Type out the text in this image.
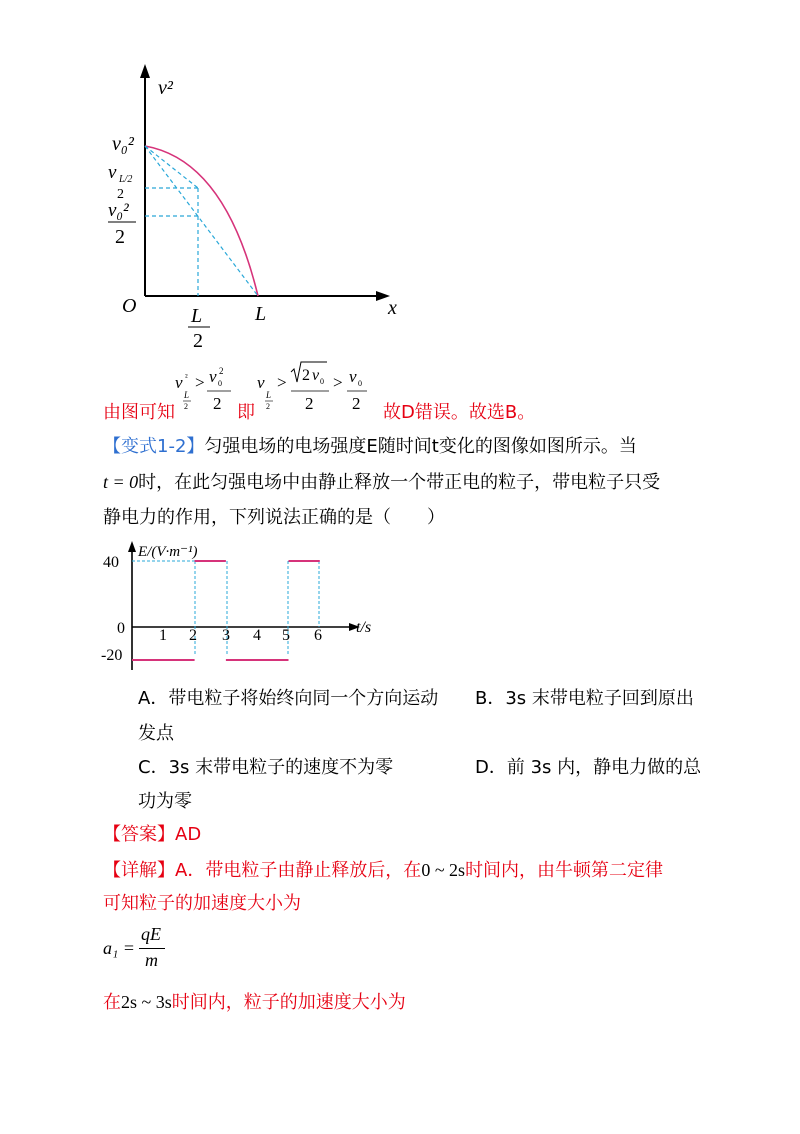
v²
x
O
v₀²
v L/2
2
v₀²
2
L
2
L
由图可知
v ²
L
2
> v 0
2
2 即
v
L
2
> 2 v 0
2
> v 0
2 故D错误。故选B。
【变式1-2】匀强电场的电场强度E随时间t变化的图像如图所示。当
t = 0时，在此匀强电场中由静止释放一个带正电的粒子，带电粒子只受
静电力的作用，下列说法正确的是（　　）
E/(V·m⁻¹)
t/s
40
0
-20
1 2 3 4 5 6
A．带电粒子将始终向同一个方向运动 B．3s 末带电粒子回到原出
发点
C．3s 末带电粒子的速度不为零	D．前 3s 内，静电力做的总
功为零
【答案】AD
【详解】A．带电粒子由静止释放后，在0 ~ 2s时间内，由牛顿第二定律
可知粒子的加速度大小为
a₁ =
qE
m
在2s ~ 3s时间内，粒子的加速度大小为
